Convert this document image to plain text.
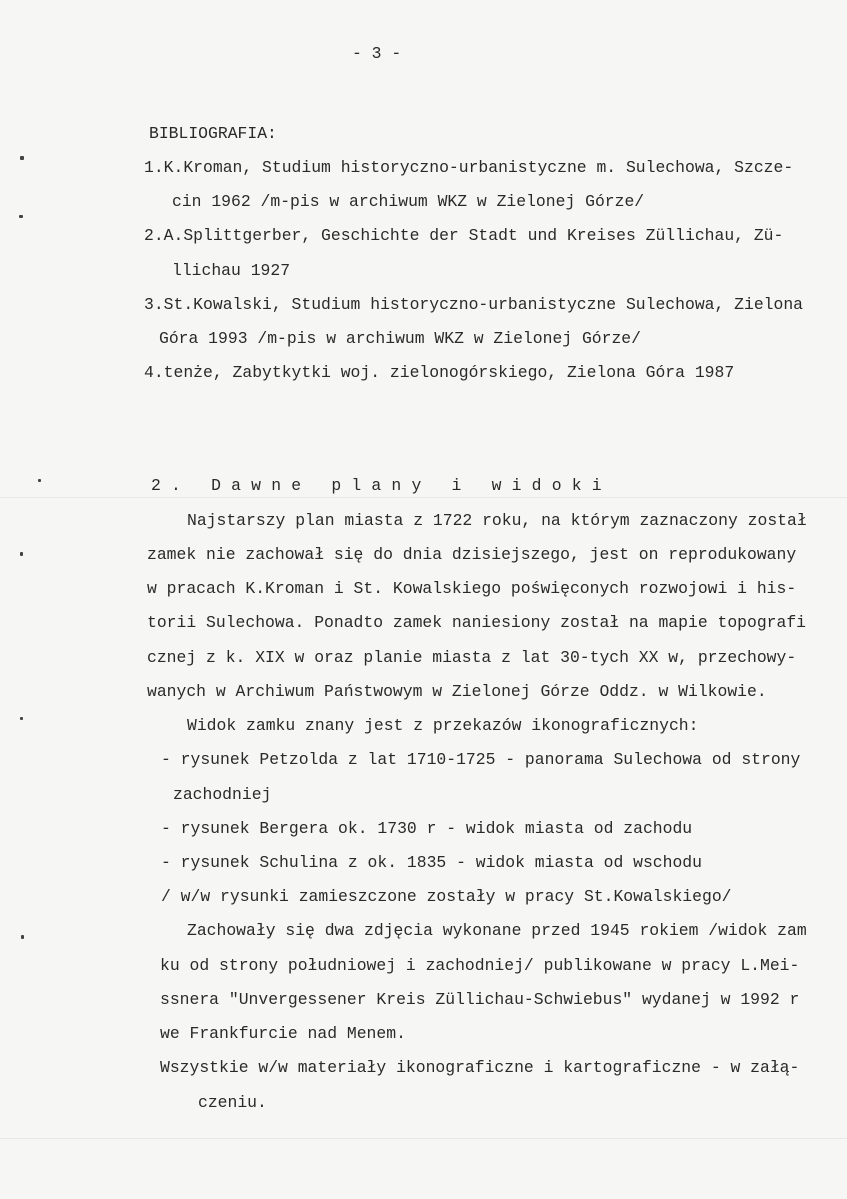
- 3 -
BIBLIOGRAFIA:
1.K.Kroman, Studium historyczno-urbanistyczne m. Sulechowa, Szcze-
cin 1962 /m-pis w archiwum WKZ w Zielonej Górze/
2.A.Splittgerber, Geschichte der Stadt und Kreises Züllichau, Zü-
llichau 1927
3.St.Kowalski, Studium historyczno-urbanistyczne Sulechowa, Zielona
Góra 1993 /m-pis w archiwum WKZ w Zielonej Górze/
4.tenże, Zabytkytki woj. zielonogórskiego, Zielona Góra 1987
2. Dawne plany i widoki
Najstarszy plan miasta z 1722 roku, na którym zaznaczony został
zamek nie zachował się do dnia dzisiejszego, jest on reprodukowany
w pracach K.Kroman i St. Kowalskiego poświęconych rozwojowi i his-
torii Sulechowa. Ponadto zamek naniesiony został na mapie topografi
cznej z k. XIX w oraz planie miasta z lat 30-tych XX w, przechowy-
wanych w Archiwum Państwowym w Zielonej Górze Oddz. w Wilkowie.
Widok zamku znany jest z przekazów ikonograficznych:
- rysunek Petzolda z lat 1710-1725 - panorama Sulechowa od strony
zachodniej
- rysunek Bergera ok. 1730 r - widok miasta od zachodu
- rysunek Schulina z ok. 1835 - widok miasta od wschodu
/ w/w rysunki zamieszczone zostały w pracy St.Kowalskiego/
Zachowały się dwa zdjęcia wykonane przed 1945 rokiem /widok zam
ku od strony południowej i zachodniej/ publikowane w pracy L.Mei-
ssnera "Unvergessener Kreis Züllichau-Schwiebus" wydanej w 1992 r
we Frankfurcie nad Menem.
Wszystkie w/w materiały ikonograficzne i kartograficzne - w załą-
czeniu.
